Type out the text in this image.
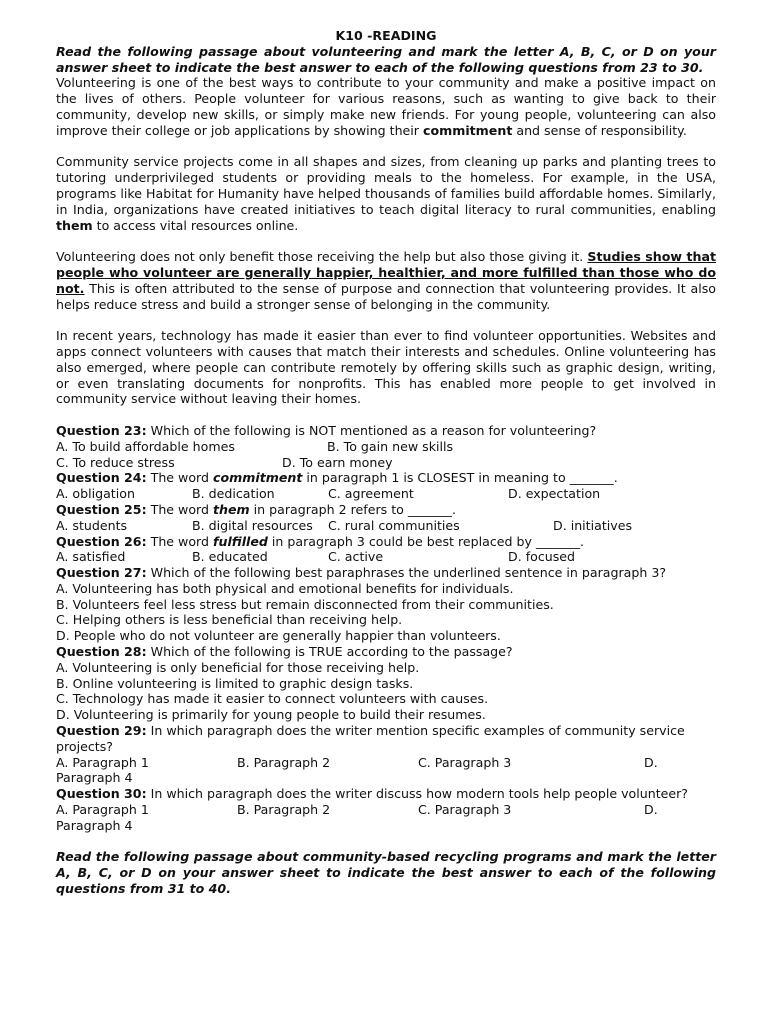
K10 -READING
Read the following passage about volunteering and mark the letter A, B, C, or D on your answer sheet to indicate the best answer to each of the following questions from 23 to 30.
Volunteering is one of the best ways to contribute to your community and make a positive impact on the lives of others. People volunteer for various reasons, such as wanting to give back to their community, develop new skills, or simply make new friends. For young people, volunteering can also improve their college or job applications by showing their commitment and sense of responsibility.
Community service projects come in all shapes and sizes, from cleaning up parks and planting trees to tutoring underprivileged students or providing meals to the homeless. For example, in the USA, programs like Habitat for Humanity have helped thousands of families build affordable homes. Similarly, in India, organizations have created initiatives to teach digital literacy to rural communities, enabling them to access vital resources online.
Volunteering does not only benefit those receiving the help but also those giving it. Studies show that people who volunteer are generally happier, healthier, and more fulfilled than those who do not. This is often attributed to the sense of purpose and connection that volunteering provides. It also helps reduce stress and build a stronger sense of belonging in the community.
In recent years, technology has made it easier than ever to find volunteer opportunities. Websites and apps connect volunteers with causes that match their interests and schedules. Online volunteering has also emerged, where people can contribute remotely by offering skills such as graphic design, writing, or even translating documents for nonprofits. This has enabled more people to get involved in community service without leaving their homes.
Question 23: Which of the following is NOT mentioned as a reason for volunteering?
A. To build affordable homes	B. To gain new skills
C. To reduce stress	D. To earn money
Question 24: The word commitment in paragraph 1 is CLOSEST in meaning to _______.
A. obligation	B. dedication	C. agreement	D. expectation
Question 25: The word them in paragraph 2 refers to _______.
A. students	B. digital resources	C. rural communities	D. initiatives
Question 26: The word fulfilled in paragraph 3 could be best replaced by _______.
A. satisfied	B. educated	C. active	D. focused
Question 27: Which of the following best paraphrases the underlined sentence in paragraph 3?
A. Volunteering has both physical and emotional benefits for individuals.
B. Volunteers feel less stress but remain disconnected from their communities.
C. Helping others is less beneficial than receiving help.
D. People who do not volunteer are generally happier than volunteers.
Question 28: Which of the following is TRUE according to the passage?
A. Volunteering is only beneficial for those receiving help.
B. Online volunteering is limited to graphic design tasks.
C. Technology has made it easier to connect volunteers with causes.
D. Volunteering is primarily for young people to build their resumes.
Question 29: In which paragraph does the writer mention specific examples of community service projects?
A. Paragraph 1	B. Paragraph 2	C. Paragraph 3	D.
Paragraph 4
Question 30: In which paragraph does the writer discuss how modern tools help people volunteer?
A. Paragraph 1	B. Paragraph 2	C. Paragraph 3	D.
Paragraph 4
Read the following passage about community-based recycling programs and mark the letter A, B, C, or D on your answer sheet to indicate the best answer to each of the following questions from 31 to 40.
